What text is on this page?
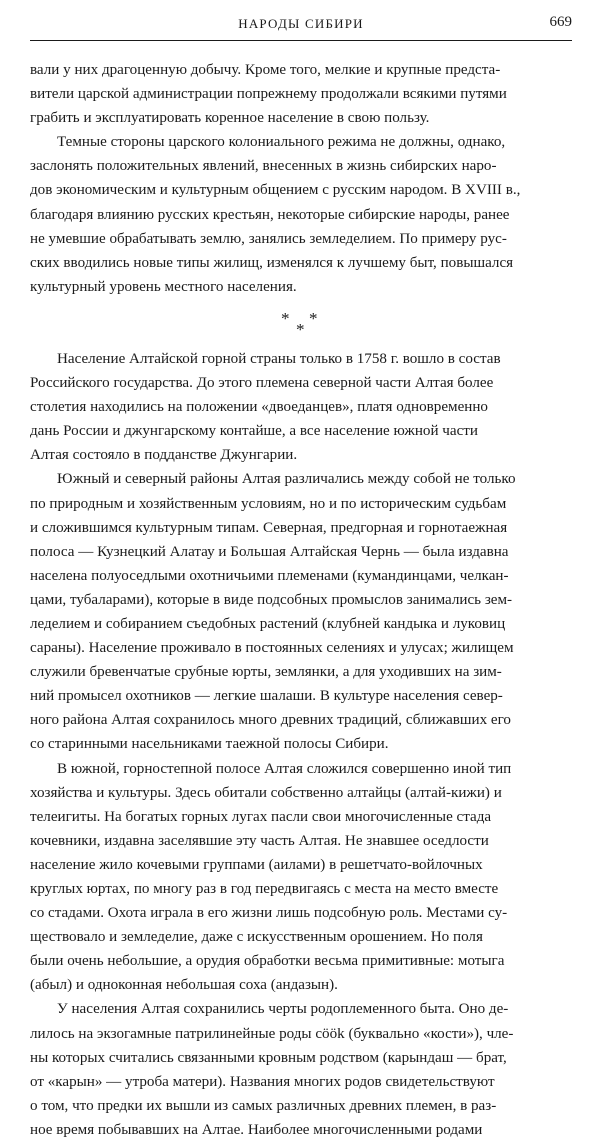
НАРОДЫ СИБИРИ	669
вали у них драгоценную добычу. Кроме того, мелкие и крупные предста-
вители царской администрации попрежнему продолжали всякими путями
грабить и эксплуатировать коренное население в свою пользу.
Темные стороны царского колониального режима не должны, однако,
заслонять положительных явлений, внесенных в жизнь сибирских наро-
дов экономическим и культурным общением с русским народом. В XVIII в.,
благодаря влиянию русских крестьян, некоторые сибирские народы, ранее
не умевшие обрабатывать землю, занялись земледелием. По примеру рус-
ских вводились новые типы жилищ, изменялся к лучшему быт, повышался
культурный уровень местного населения.
*
*
*
Население Алтайской горной страны только в 1758 г. вошло в состав
Российского государства. До этого племена северной части Алтая более
столетия находились на положении «двоеданцев», платя одновременно
дань России и джунгарскому контайше, а все население южной части
Алтая состояло в подданстве Джунгарии.
Южный и северный районы Алтая различались между собой не только
по природным и хозяйственным условиям, но и по историческим судьбам
и сложившимся культурным типам. Северная, предгорная и горнотаежная
полоса — Кузнецкий Алатау и Большая Алтайская Чернь — была издавна
населена полуоседлыми охотничьими племенами (кумандинцами, челкан-
цами, тубаларами), которые в виде подсобных промыслов занимались зем-
леделием и собиранием съедобных растений (клубней кандыка и луковиц
сараны). Население проживало в постоянных селениях и улусах; жилищем
служили бревенчатые срубные юрты, землянки, а для уходивших на зим-
ний промысел охотников — легкие шалаши. В культуре населения север-
ного района Алтая сохранилось много древних традиций, сближавших его
со старинными насельниками таежной полосы Сибири.
В южной, горностепной полосе Алтая сложился совершенно иной тип
хозяйства и культуры. Здесь обитали собственно алтайцы (алтай-кижи) и
телеигиты. На богатых горных лугах пасли свои многочисленные стада
кочевники, издавна заселявшие эту часть Алтая. Не знавшее оседлости
население жило кочевыми группами (аилами) в решетчато-войлочных
круглых юртах, по многу раз в год передвигаясь с места на место вместе
со стадами. Охота играла в его жизни лишь подсобную роль. Местами су-
ществовало и земледелие, даже с искусственным орошением. Но поля
были очень небольшие, а орудия обработки весьма примитивные: мотыга
(абыл) и одноконная небольшая соха (андазын).
У населения Алтая сохранились черты родоплеменного быта. Оно де-
лилось на экзогамные патрилинейные роды сöök (буквально «кости»), чле-
ны которых считались связанными кровным родством (карындаш — брат,
от «карын» — утроба матери). Названия многих родов свидетельствуют
о том, что предки их вышли из самых различных древних племен, в раз-
ное время побывавших на Алтае. Наиболее многочисленными родами
